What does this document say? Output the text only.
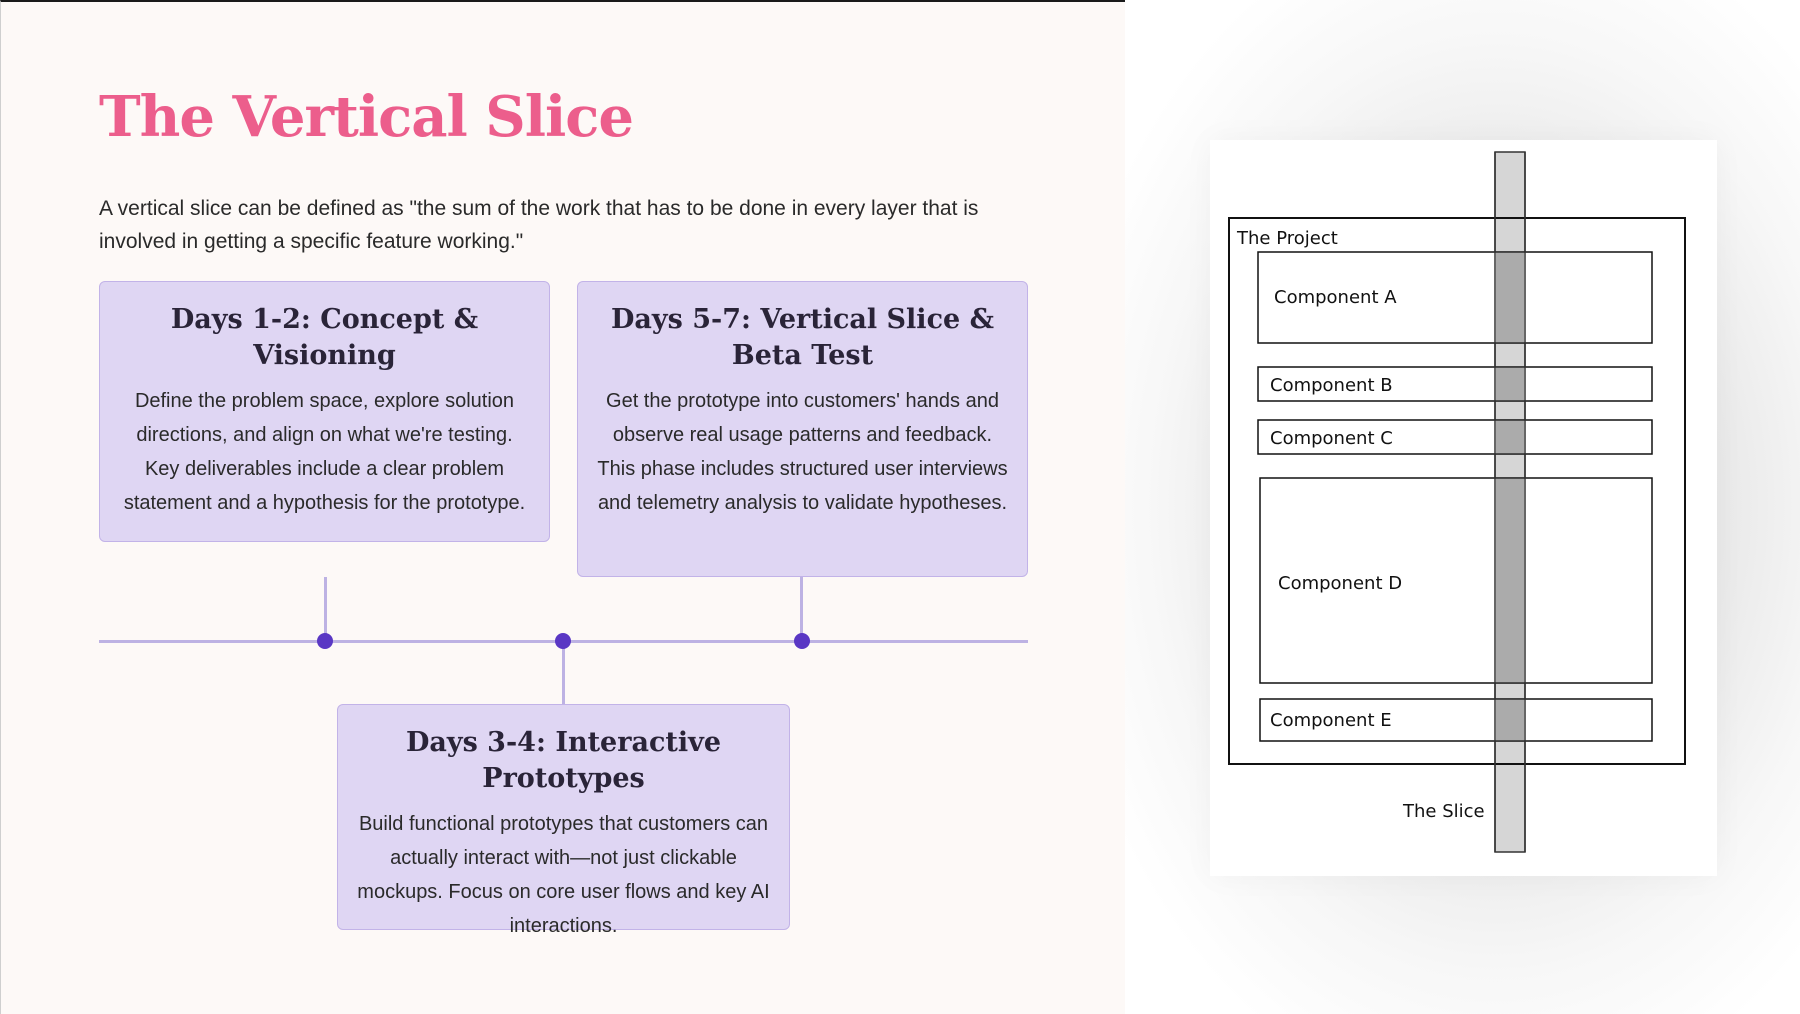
The Vertical Slice

A vertical slice can be defined as "the sum of the work that has to be done in every layer that is involved in getting a specific feature working."

Days 1-2: Concept & Visioning

Define the problem space, explore solution directions, and align on what we're testing. Key deliverables include a clear problem statement and a hypothesis for the prototype.

Days 5-7: Vertical Slice & Beta Test

Get the prototype into customers' hands and observe real usage patterns and feedback. This phase includes structured user interviews and telemetry analysis to validate hypotheses.

Days 3-4: Interactive Prototypes

Build functional prototypes that customers can actually interact with—not just clickable mockups. Focus on core user flows and key AI interactions.

The Project
Component A
Component B
Component C
Component D
Component E
The Slice
